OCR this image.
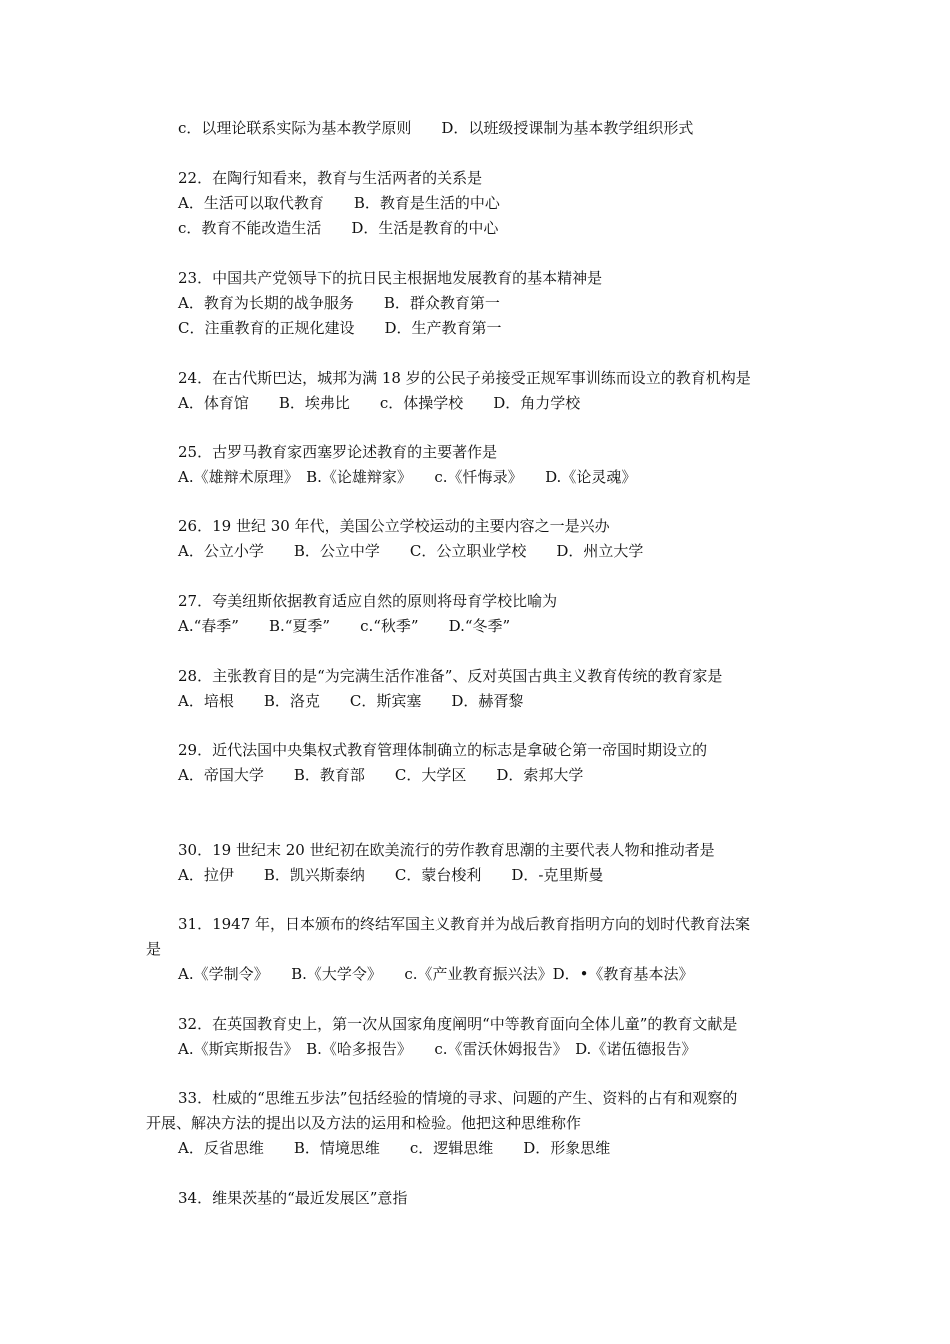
c．以理论联系实际为基本教学原则　　D．以班级授课制为基本教学组织形式

22．在陶行知看来，教育与生活两者的关系是

A．生活可以取代教育　　B．教育是生活的中心

c．教育不能改造生活　　D．生活是教育的中心

23．中国共产党领导下的抗日民主根据地发展教育的基本精神是

A．教育为长期的战争服务　　B．群众教育第一

C．注重教育的正规化建设　　D．生产教育第一

24．在古代斯巴达，城邦为满 18 岁的公民子弟接受正规军事训练而设立的教育机构是

A．体育馆　　B．埃弗比　　c．体操学校　　D．角力学校

25．古罗马教育家西塞罗论述教育的主要著作是

A.《雄辩术原理》　B.《论雄辩家》　　c.《忏悔录》　　D.《论灵魂》

26．19 世纪 30 年代，美国公立学校运动的主要内容之一是兴办

A．公立小学　　B．公立中学　　C．公立职业学校　　D．州立大学

27．夸美纽斯依据教育适应自然的原则将母育学校比喻为

A.“春季”　　B.“夏季”　　c.“秋季”　　D.“冬季”

28．主张教育目的是“为完满生活作准备”、反对英国古典主义教育传统的教育家是

A．培根　　B．洛克　　C．斯宾塞　　D．赫胥黎

29．近代法国中央集权式教育管理体制确立的标志是拿破仑第一帝国时期设立的

A．帝国大学　　B．教育部　　C．大学区　　D．索邦大学

30．19 世纪末 20 世纪初在欧美流行的劳作教育思潮的主要代表人物和推动者是

A．拉伊　　B．凯兴斯泰纳　　C．蒙台梭利　　D．-克里斯曼

31．1947 年，日本颁布的终结军国主义教育并为战后教育指明方向的划时代教育法案

是

A.《学制令》　　B.《大学令》　　c.《产业教育振兴法》D．•《教育基本法》

32．在英国教育史上，第一次从国家角度阐明“中等教育面向全体儿童”的教育文献是

A.《斯宾斯报告》　B.《哈多报告》　　c.《雷沃休姆报告》　D.《诺伍德报告》

33．杜威的“思维五步法”包括经验的情境的寻求、问题的产生、资料的占有和观察的

开展、解决方法的提出以及方法的运用和检验。他把这种思维称作

A．反省思维　　B．情境思维　　c．逻辑思维　　D．形象思维

34．维果茨基的“最近发展区”意指
